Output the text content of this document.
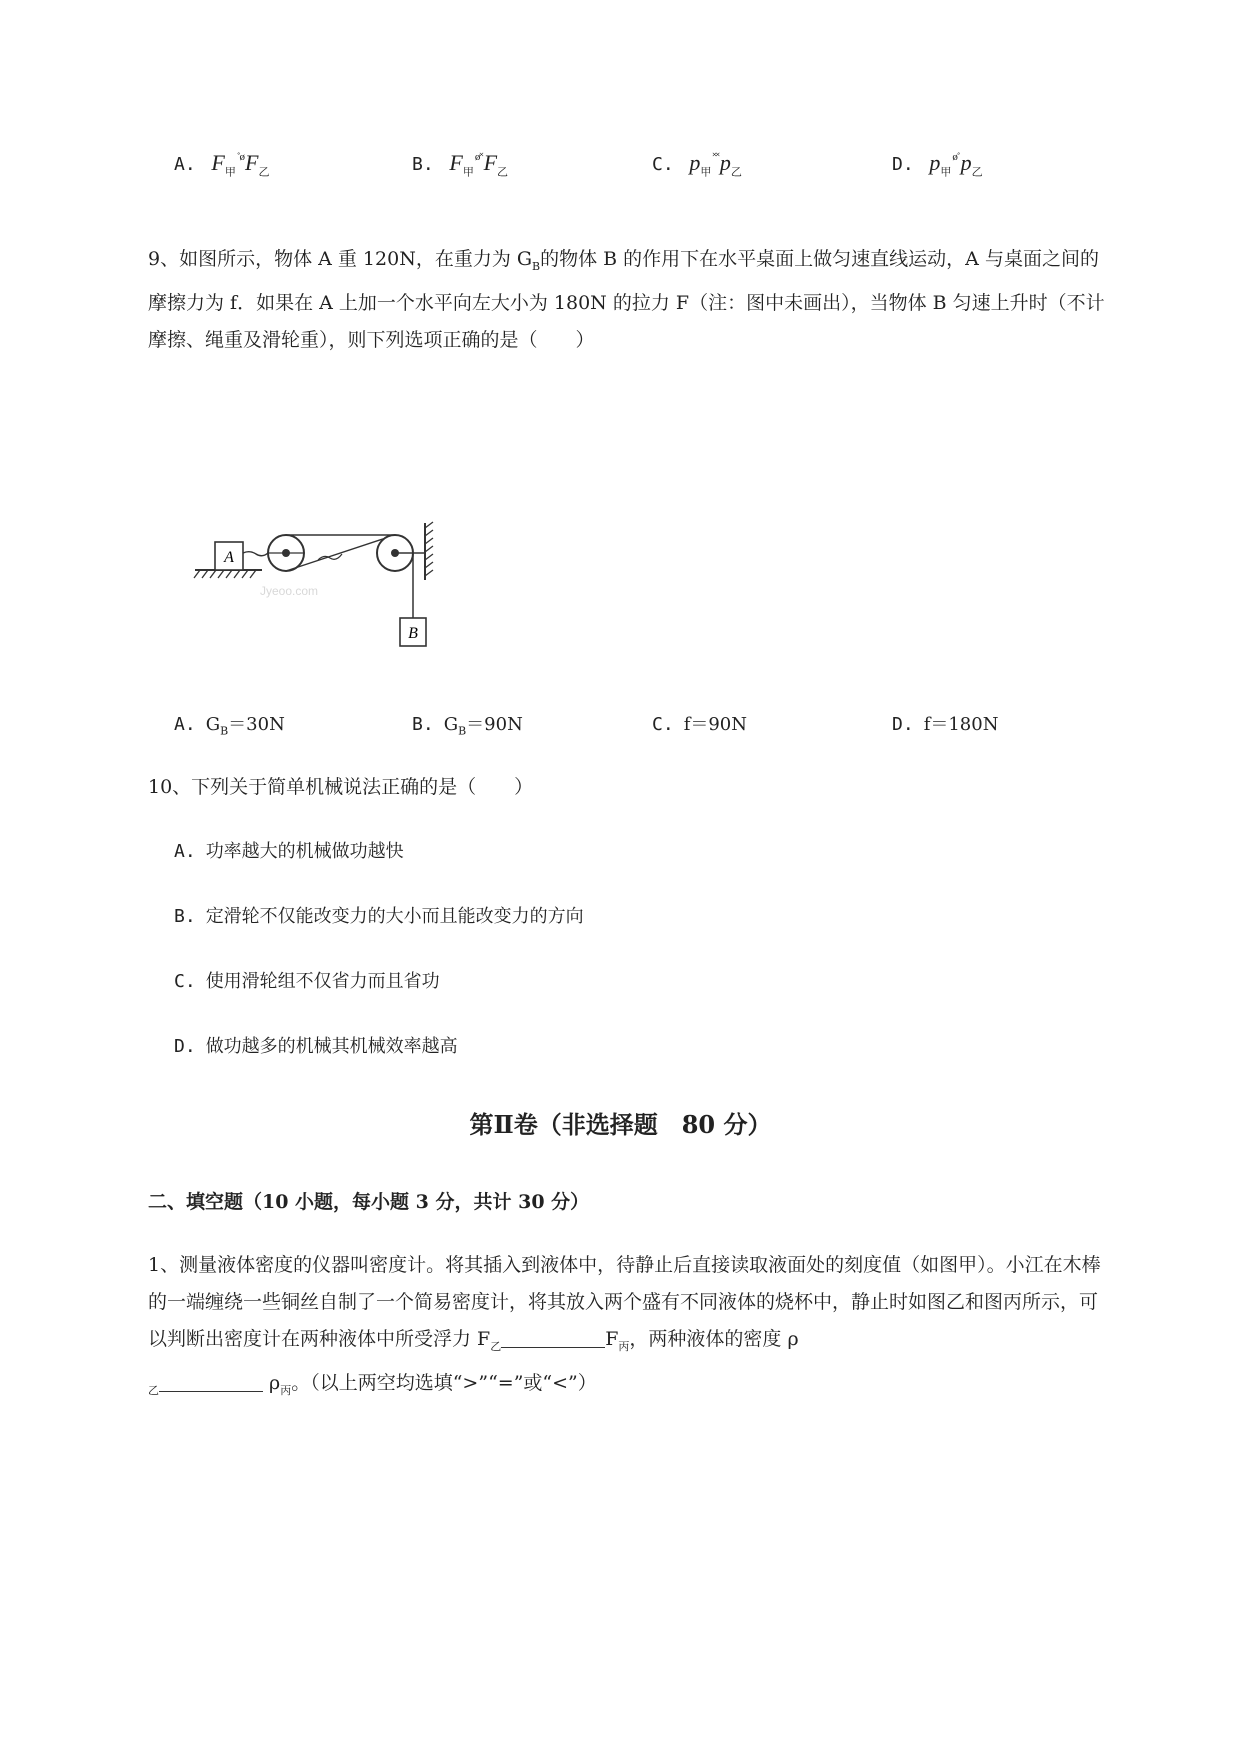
A. $F_甲^{˚ø}F_乙$	B. $F_甲^{ø˟}F_乙$	C. $p_甲^{˟˟}p_乙$	D. $p_甲^{ø˚}p_乙$
9、如图所示，物体 A 重 120N，在重力为 $G_B$的物体 B 的作用下在水平桌面上做匀速直线运动，A 与桌面之间的摩擦力为 f．如果在 A 上加一个水平向左大小为 180N 的拉力 F（注：图中未画出），当物体 B 匀速上升时（不计摩擦、绳重及滑轮重），则下列选项正确的是（　　）
A
B
Jyeoo.com
A. $G_B=30N$	B. $G_B=90N$	C. f＝90N	D. f＝180N
10、下列关于简单机械说法正确的是（　　）
A. 功率越大的机械做功越快
B. 定滑轮不仅能改变力的大小而且能改变力的方向
C. 使用滑轮组不仅省力而且省功
D. 做功越多的机械其机械效率越高
第Ⅱ卷（非选择题　80 分）
二、填空题（10 小题，每小题 3 分，共计 30 分）
1、测量液体密度的仪器叫密度计。将其插入到液体中，待静止后直接读取液面处的刻度值（如图甲）。小江在木棒的一端缠绕一些铜丝自制了一个简易密度计，将其放入两个盛有不同液体的烧杯中，静止时如图乙和图丙所示，可以判断出密度计在两种液体中所受浮力 $F_乙$	$F_丙$，两种液体的密度 ρ
$_乙$	$\rho_丙$。（以上两空均选填“>”“=”或“<”）
